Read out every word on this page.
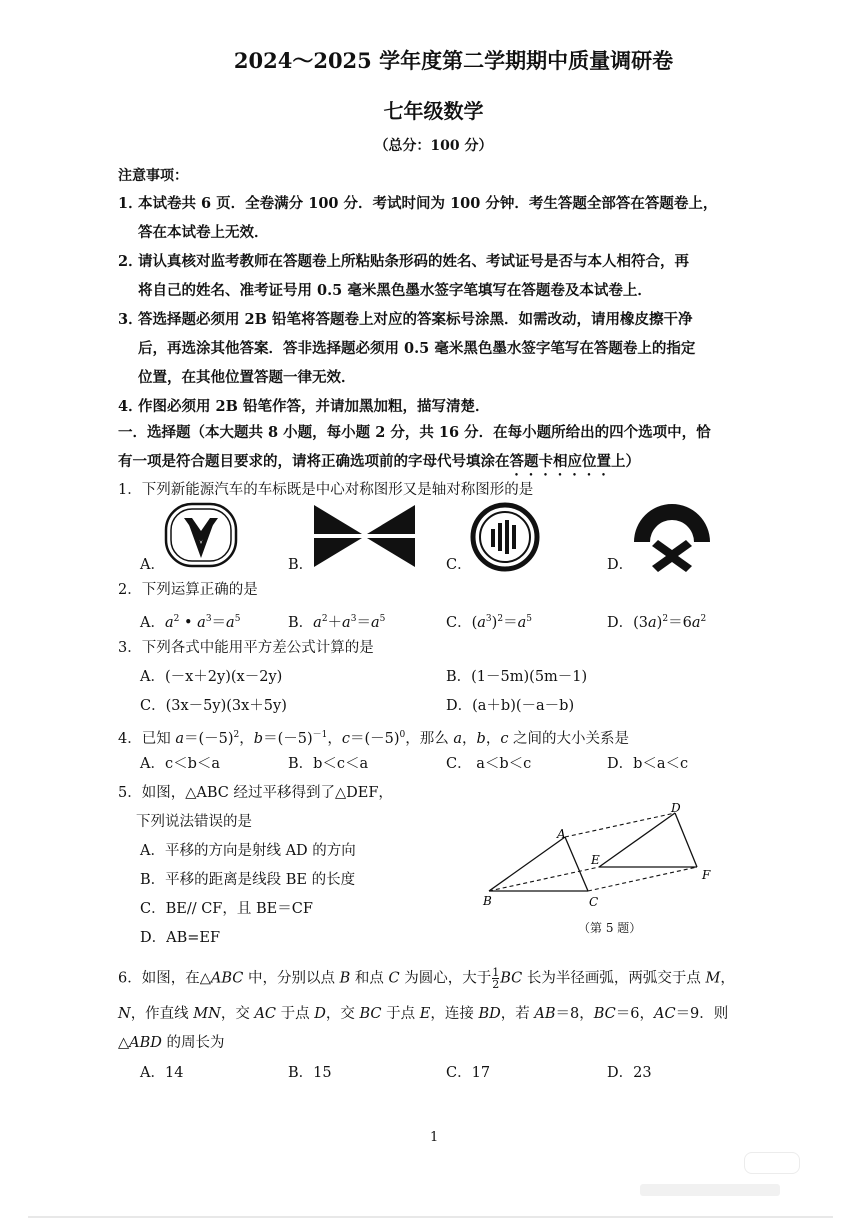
2024～2025 学年度第二学期期中质量调研卷
七年级数学
（总分：100 分）
注意事项：
1．本试卷共 6 页．全卷满分 100 分．考试时间为 100 分钟．考生答题全部答在答题卷上，

答在本试卷上无效．
2．请认真核对监考教师在答题卷上所粘贴条形码的姓名、考试证号是否与本人相符合，再

将自己的姓名、准考证号用 0.5 毫米黑色墨水签字笔填写在答题卷及本试卷上．
3．答选择题必须用 2B 铅笔将答题卷上对应的答案标号涂黑．如需改动，请用橡皮擦干净

后，再选涂其他答案．答非选择题必须用 0.5 毫米黑色墨水签字笔写在答题卷上的指定
位置，在其他位置答题一律无效．
4．作图必须用 2B 铅笔作答，并请加黑加粗，描写清楚．
一．选择题（本大题共 8 小题，每小题 2 分，共 16 分．在每小题所给出的四个选项中，恰
有一项是符合题目要求的，请将正确选项前的字母代号填涂在答题卡相应位置上）
1．下列新能源汽车的车标既是中心对称图形又是轴对称图形的是
A．	B．	C．	D．
2．下列运算正确的是
A．$a^2$ • $a^3=a^5$	B．$a^2+a^3=a^5$	C．$(a^3)^2=a^5$	D．$(3a)^2=6a^2$
3．下列各式中能用平方差公式计算的是
A．(－x＋2y)(x－2y)	B．(1－5m)(5m－1)
C．(3x－5y)(3x＋5y)	D．(a＋b)(－a－b)
4．已知 $a=(-5)^2$，$b=(-5)^{-1}$，$c=(-5)^0$，那么 a，b，c 之间的大小关系是
A．c＜b＜a	B．b＜c＜a	C． a＜b＜c	D．b＜a＜c
5．如图，△ABC 经过平移得到了△DEF，
下列说法错误的是
A．平移的方向是射线 AD 的方向
B．平移的距离是线段 BE 的长度
C．BE// CF，且 BE＝CF
D．AB=EF
A
B	C
D
E
F
（第 5 题）
6．如图，在△ABC 中，分别以点 B 和点 C 为圆心，大于 $\frac{1}{2}$ BC 长为半径画弧，两弧交于点 M，
N，作直线 MN，交 AC 于点 D，交 BC 于点 E，连接 BD，若 AB＝8，BC＝6，AC＝9．则
△ABD 的周长为
A．14	B．15	C．17	D．23
1
